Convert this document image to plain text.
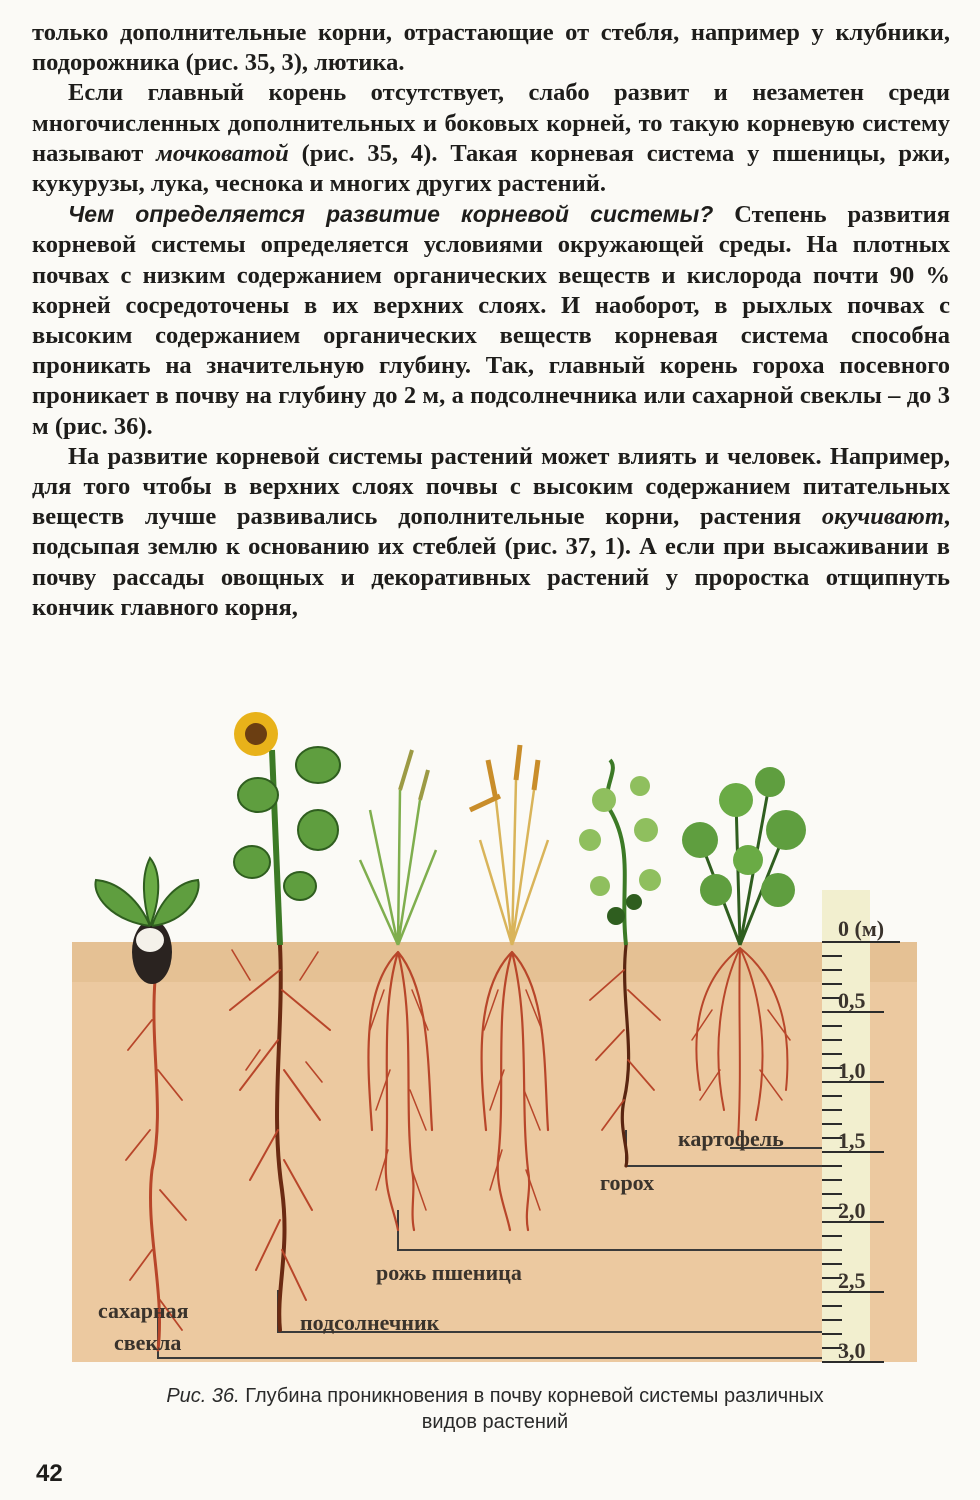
только дополнительные корни, отрастающие от стебля, например у клубники, подорожника (рис. 35, 3), лютика.

Если главный корень отсутствует, слабо развит и незаметен среди многочисленных дополнительных и боковых корней, то такую корневую систему называют мочковатой (рис. 35, 4). Такая корневая система у пшеницы, ржи, кукурузы, лука, чеснока и многих других растений.

Чем определяется развитие корневой системы? Степень развития корневой системы определяется условиями окружающей среды. На плотных почвах с низким содержанием органических веществ и кислорода почти 90 % корней сосредоточены в их верхних слоях. И наоборот, в рыхлых почвах с высоким содержанием органических веществ корневая система способна проникать на значительную глубину. Так, главный корень гороха посевного проникает в почву на глубину до 2 м, а подсолнечника или сахарной свеклы – до 3 м (рис. 36).

На развитие корневой системы растений может влиять и человек. Например, для того чтобы в верхних слоях почвы с высоким содержанием питательных веществ лучше развивались дополнительные корни, растения окучивают, подсыпая землю к основанию их стеблей (рис. 37, 1). А если при высаживании в почву рассады овощных и декоративных растений у проростка отщипнуть кончик главного корня,

0 (м)
0,5
1,0
1,5
2,0
2,5
3,0
сахарная
свекла
подсолнечник
рожь пшеница
горох
картофель
Рис. 36. Глубина проникновения в почву корневой системы различных видов растений
42
